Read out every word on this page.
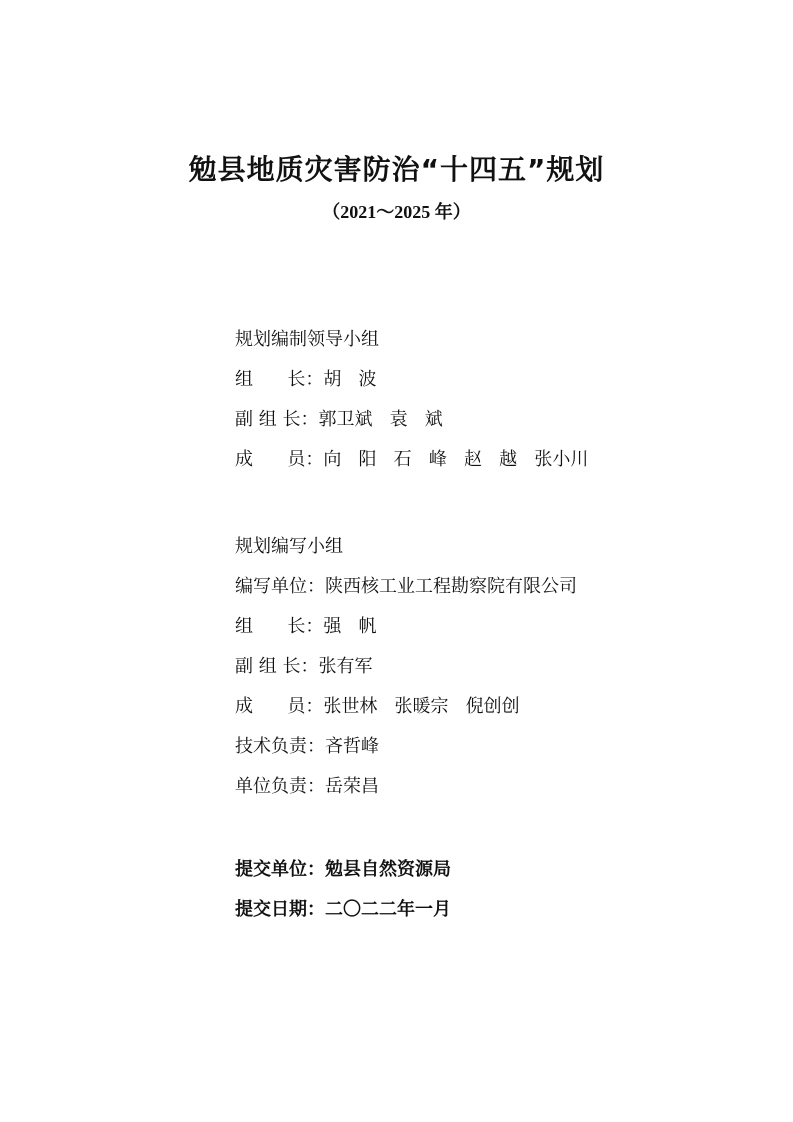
勉县地质灾害防治“十四五”规划
（2021～2025 年）
规划编制领导小组
组      长： 胡   波
副 组 长： 郭卫斌   袁   斌
成      员： 向   阳   石   峰   赵   越   张小川
规划编写小组
编写单位： 陕西核工业工程勘察院有限公司
组      长： 强   帆
副 组 长： 张有军
成      员： 张世林   张暖宗   倪创创
技术负责： 吝哲峰
单位负责： 岳荣昌
提交单位： 勉县自然资源局
提交日期： 二〇二二年一月
